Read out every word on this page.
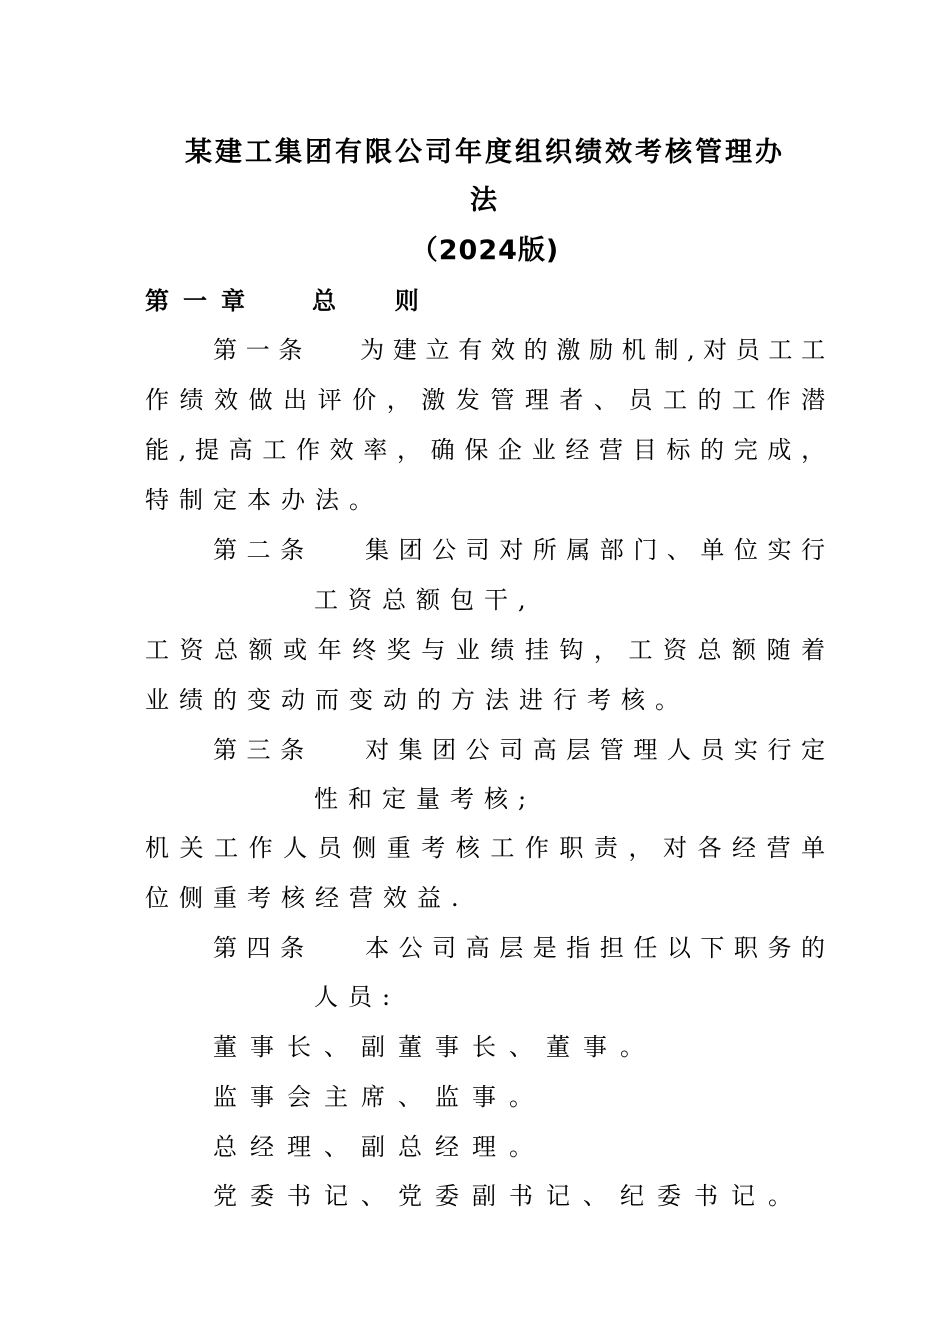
某建工集团有限公司年度组织绩效考核管理办
法
（2024版)
第一章 总  则
第 一 条 为 建 立 有 效 的 激 励 机 制 , 对 员 工 工
作 绩 效 做 出 评 价 ， 激 发 管 理 者 、 员 工 的 工 作 潜
能 , 提 高 工 作 效 率 ， 确 保 企 业 经 营 目 标 的 完 成 ，
特制定本办法。
第 二 条	集 团 公 司 对 所 属 部 门 、 单 位 实 行
工资总额包干,
工 资 总 额 或 年 终 奖 与 业 绩 挂 钩 ， 工 资 总 额 随 着
业绩的变动而变动的方法进行考核。
第 三 条	对 集 团 公 司 高 层 管 理 人 员 实 行 定
性和定量考核;
机 关 工 作 人 员 侧 重 考 核 工 作 职 责 ， 对 各 经 营 单
位侧重考核经营效益.
第 四 条	本 公 司 高 层 是 指 担 任 以 下 职 务 的
人员:
董事长、副董事长、董事。
监事会主席、监事。
总经理、副总经理。
党委书记、党委副书记、纪委书记。
